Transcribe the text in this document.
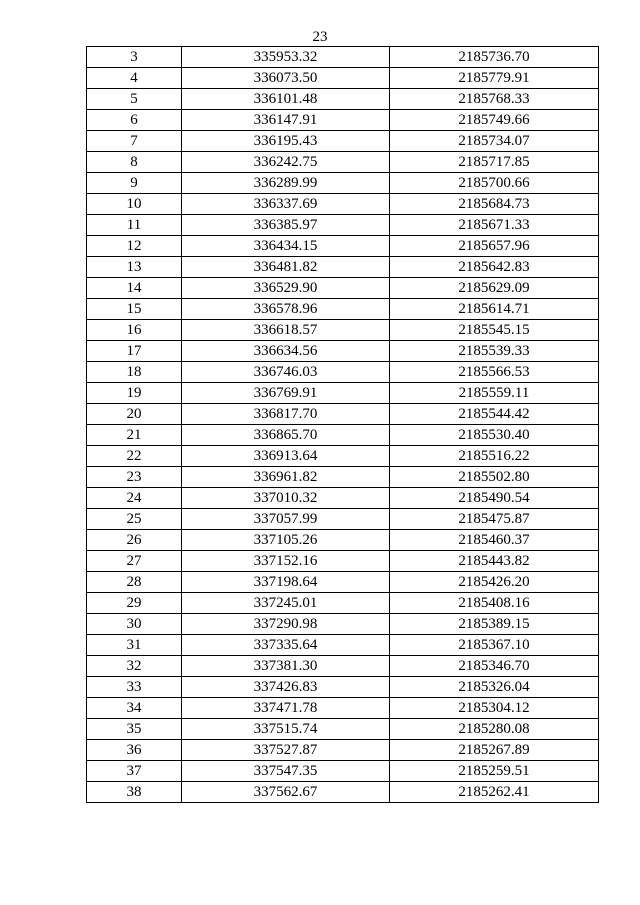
23
3	335953.32	2185736.70
4	336073.50	2185779.91
5	336101.48	2185768.33
6	336147.91	2185749.66
7	336195.43	2185734.07
8	336242.75	2185717.85
9	336289.99	2185700.66
10	336337.69	2185684.73
11	336385.97	2185671.33
12	336434.15	2185657.96
13	336481.82	2185642.83
14	336529.90	2185629.09
15	336578.96	2185614.71
16	336618.57	2185545.15
17	336634.56	2185539.33
18	336746.03	2185566.53
19	336769.91	2185559.11
20	336817.70	2185544.42
21	336865.70	2185530.40
22	336913.64	2185516.22
23	336961.82	2185502.80
24	337010.32	2185490.54
25	337057.99	2185475.87
26	337105.26	2185460.37
27	337152.16	2185443.82
28	337198.64	2185426.20
29	337245.01	2185408.16
30	337290.98	2185389.15
31	337335.64	2185367.10
32	337381.30	2185346.70
33	337426.83	2185326.04
34	337471.78	2185304.12
35	337515.74	2185280.08
36	337527.87	2185267.89
37	337547.35	2185259.51
38	337562.67	2185262.41
